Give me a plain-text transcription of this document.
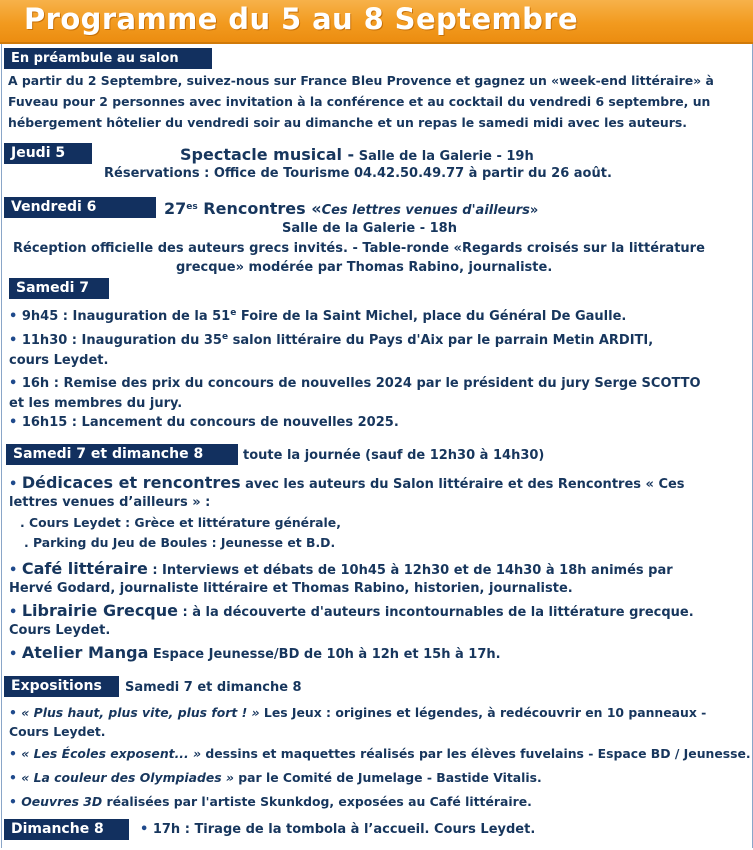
Programme du 5 au 8 Septembre
En préambule au salon
A partir du 2 Septembre, suivez-nous sur France Bleu Provence et gagnez un «week-end littéraire» à
Fuveau pour 2 personnes avec invitation à la conférence et au cocktail du vendredi 6 septembre, un
hébergement hôtelier du vendredi soir au dimanche et un repas le samedi midi avec les auteurs.
Jeudi 5	Spectacle musical - Salle de la Galerie - 19h
Réservations : Office de Tourisme 04.42.50.49.77 à partir du 26 août.
Vendredi 6	$27^{es}$ Rencontres «Ces lettres venues d'ailleurs»
Salle de la Galerie - 18h
Réception officielle des auteurs grecs invités. - Table-ronde «Regards croisés sur la littérature
grecque» modérée par Thomas Rabino, journaliste.
Samedi 7
• 9h45 : Inauguration de la 51e Foire de la Saint Michel, place du Général De Gaulle.
• 11h30 : Inauguration du 35e salon littéraire du Pays d'Aix par le parrain Metin ARDITI,
cours Leydet.
• 16h : Remise des prix du concours de nouvelles 2024 par le président du jury Serge SCOTTO
et les membres du jury.
• 16h15 : Lancement du concours de nouvelles 2025.
Samedi 7 et dimanche 8	toute la journée (sauf de 12h30 à 14h30)
• Dédicaces et rencontres avec les auteurs du Salon littéraire et des Rencontres « Ces
lettres venues d’ailleurs » :
. Cours Leydet : Grèce et littérature générale,
. Parking du Jeu de Boules : Jeunesse et B.D.
• Café littéraire : Interviews et débats de 10h45 à 12h30 et de 14h30 à 18h animés par
Hervé Godard, journaliste littéraire et Thomas Rabino, historien, journaliste.
• Librairie Grecque : à la découverte d'auteurs incontournables de la littérature grecque.
Cours Leydet.
• Atelier Manga Espace Jeunesse/BD de 10h à 12h et 15h à 17h.
Expositions	Samedi 7 et dimanche 8
• « Plus haut, plus vite, plus fort ! » Les Jeux : origines et légendes, à redécouvrir en 10 panneaux -
Cours Leydet.
• « Les Écoles exposent... » dessins et maquettes réalisés par les élèves fuvelains - Espace BD / Jeunesse.
• « La couleur des Olympiades » par le Comité de Jumelage - Bastide Vitalis.
• Oeuvres 3D réalisées par l'artiste Skunkdog, exposées au Café littéraire.
Dimanche 8	• 17h : Tirage de la tombola à l’accueil. Cours Leydet.
